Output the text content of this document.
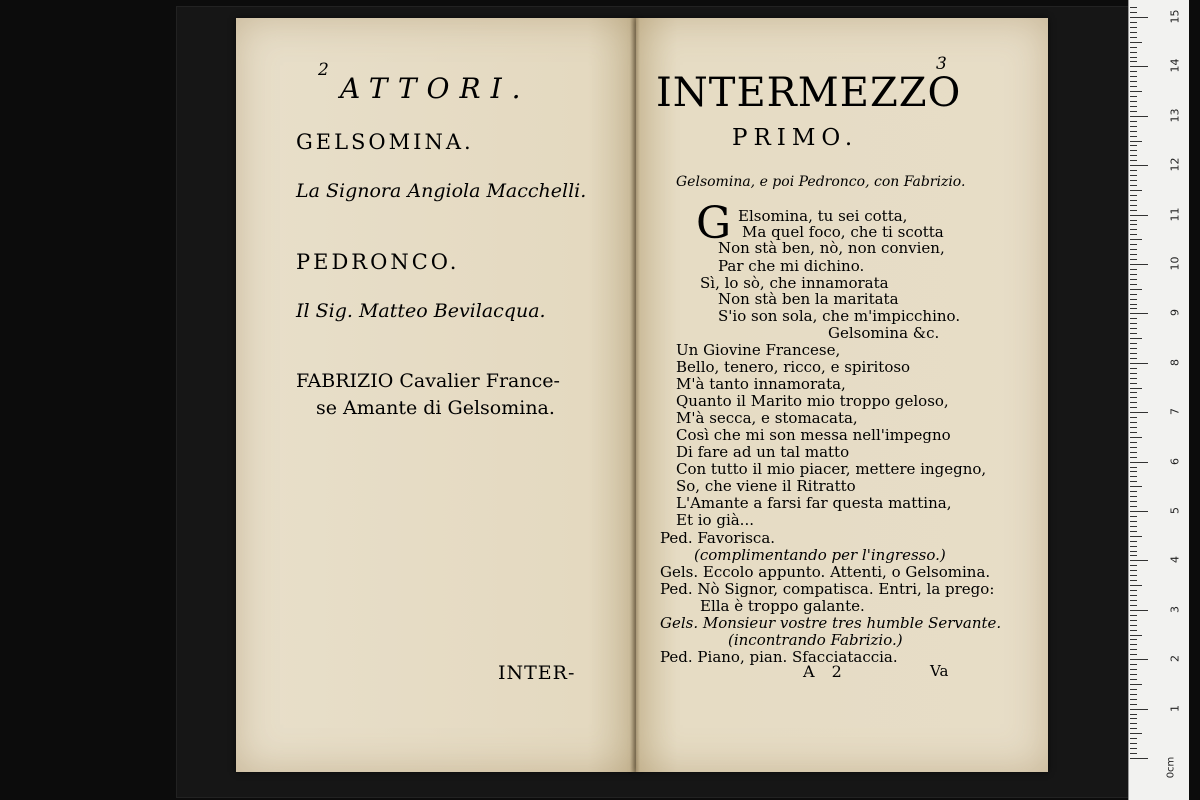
2
ATTORI.
GELSOMINA.
La Signora Angiola Macchelli.
PEDRONCO.
Il Sig. Matteo Bevilacqua.
FABRIZIO Cavalier France-
se Amante di Gelsomina.
INTER-
3
INTERMEZZO
PRIMO.
Gelsomina, e poi Pedronco, con Fabrizio.
G Elsomina, tu sei cotta,
Ma quel foco, che ti scotta
Non stà ben, nò, non convien,
Par che mi dichino.
Sì, lo sò, che innamorata
Non stà ben la maritata
S'io son sola, che m'impicchino.
Gelsomina &c.
Un Giovine Francese,
Bello, tenero, ricco, e spiritoso
M'à tanto innamorata,
Quanto il Marito mio troppo geloso,
M'à secca, e stomacata,
Così che mi son messa nell'impegno
Di fare ad un tal matto
Con tutto il mio piacer, mettere ingegno,
So, che viene il Ritratto
L'Amante a farsi far questa mattina,
Et io già...
Ped. Favorisca.
(complimentando per l'ingresso.)
Gels. Eccolo appunto. Attenti, o Gelsomina.
Ped. Nò Signor, compatisca. Entri, la prego:
Ella è troppo galante.
Gels. Monsieur vostre tres humble Servante.
(incontrando Fabrizio.)
Ped. Piano, pian. Sfacciataccia.
A 2	Va
1
2
3
4
5
6
7
8
9
10
11
12
13
14
15
0cm
